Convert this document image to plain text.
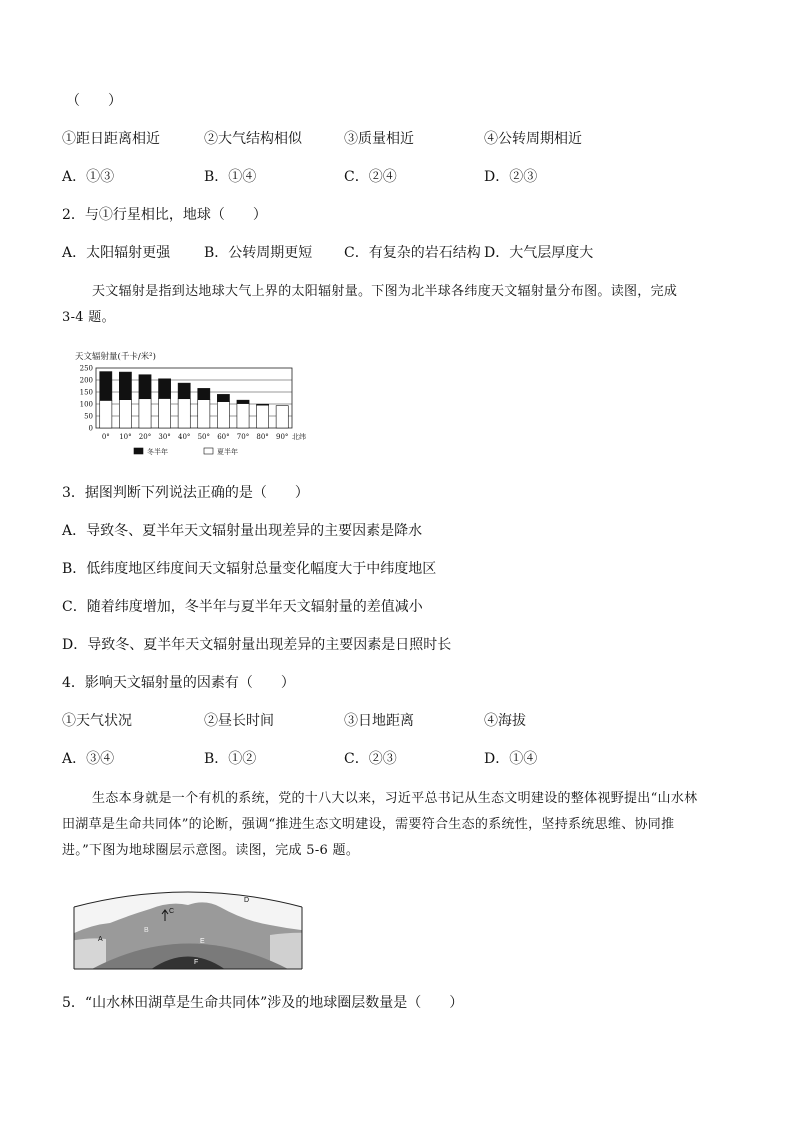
（　　）
①距日距离相近	②大气结构相似	③质量相近	④公转周期相近
A．①③	B．①④	C．②④	D．②③
2．与①行星相比，地球（　　）
A．太阳辐射更强 B．公转周期更短 C．有复杂的岩石结构 D．大气层厚度大
天文辐射是指到达地球大气上界的太阳辐射量。下图为北半球各纬度天文辐射量分布图。读图，完成
3-4 题。
天文辐射量(千卡/米²)
0
50
100
150
200
250
0° 10° 20° 30° 40° 50° 60° 70° 80° 90° 北纬
冬半年	夏半年
3．据图判断下列说法正确的是（　　）
A．导致冬、夏半年天文辐射量出现差异的主要因素是降水
B．低纬度地区纬度间天文辐射总量变化幅度大于中纬度地区
C．随着纬度增加，冬半年与夏半年天文辐射量的差值减小
D．导致冬、夏半年天文辐射量出现差异的主要因素是日照时长
4．影响天文辐射量的因素有（　　）
①天气状况	②昼长时间	③日地距离	④海拔
A．③④	B．①②	C．②③	D．①④
生态本身就是一个有机的系统，党的十八大以来，习近平总书记从生态文明建设的整体视野提出“山水林
田湖草是生命共同体”的论断，强调“推进生态文明建设，需要符合生态的系统性，坚持系统思维、协同推
进。”下图为地球圈层示意图。读图，完成 5-6 题。
A
B
C
D
E
F
5．“山水林田湖草是生命共同体”涉及的地球圈层数量是（　　）
